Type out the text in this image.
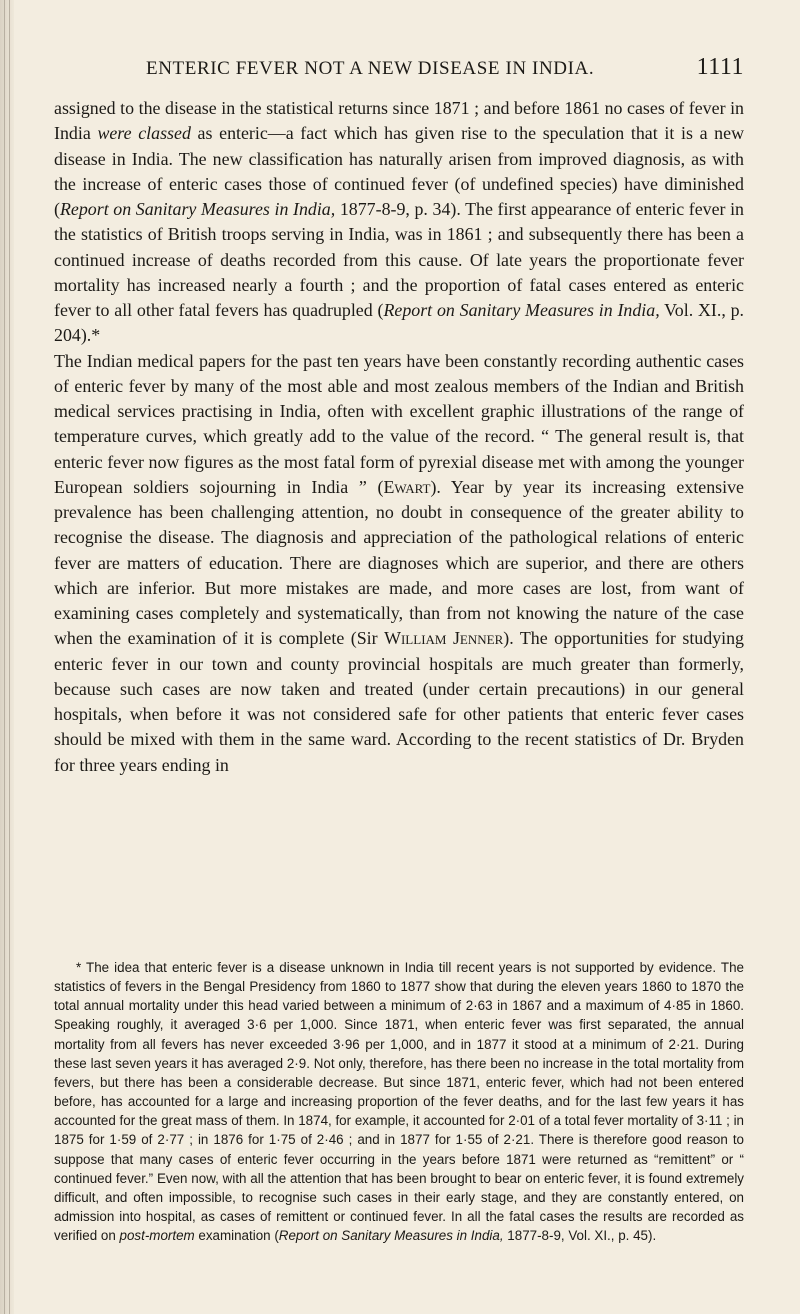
ENTERIC FEVER NOT A NEW DISEASE IN INDIA.	1111

assigned to the disease in the statistical returns since 1871 ; and before 1861 no cases of fever in India were classed as enteric—a fact which has given rise to the speculation that it is a new disease in India. The new classification has naturally arisen from improved diagnosis, as with the increase of enteric cases those of continued fever (of undefined species) have diminished (Report on Sanitary Measures in India, 1877-8-9, p. 34). The first appearance of enteric fever in the statistics of British troops serving in India, was in 1861 ; and subsequently there has been a continued increase of deaths recorded from this cause. Of late years the proportionate fever mortality has increased nearly a fourth ; and the proportion of fatal cases entered as enteric fever to all other fatal fevers has quadrupled (Report on Sanitary Measures in India, Vol. XI., p. 204).*

The Indian medical papers for the past ten years have been constantly recording authentic cases of enteric fever by many of the most able and most zealous members of the Indian and British medical services practising in India, often with excellent graphic illustrations of the range of temperature curves, which greatly add to the value of the record. “ The general result is, that enteric fever now figures as the most fatal form of pyrexial disease met with among the younger European soldiers sojourning in India ” (Ewart). Year by year its increasing extensive prevalence has been challenging attention, no doubt in consequence of the greater ability to recognise the disease. The diagnosis and appreciation of the pathological relations of enteric fever are matters of education. There are diagnoses which are superior, and there are others which are inferior. But more mistakes are made, and more cases are lost, from want of examining cases completely and systematically, than from not knowing the nature of the case when the examination of it is complete (Sir William Jenner). The opportunities for studying enteric fever in our town and county provincial hospitals are much greater than formerly, because such cases are now taken and treated (under certain precautions) in our general hospitals, when before it was not considered safe for other patients that enteric fever cases should be mixed with them in the same ward. According to the recent statistics of Dr. Bryden for three years ending in

* The idea that enteric fever is a disease unknown in India till recent years is not supported by evidence. The statistics of fevers in the Bengal Presidency from 1860 to 1877 show that during the eleven years 1860 to 1870 the total annual mortality under this head varied between a minimum of 2·63 in 1867 and a maximum of 4·85 in 1860. Speaking roughly, it averaged 3·6 per 1,000. Since 1871, when enteric fever was first separated, the annual mortality from all fevers has never exceeded 3·96 per 1,000, and in 1877 it stood at a minimum of 2·21. During these last seven years it has averaged 2·9. Not only, therefore, has there been no increase in the total mortality from fevers, but there has been a considerable decrease. But since 1871, enteric fever, which had not been entered before, has accounted for a large and increasing proportion of the fever deaths, and for the last few years it has accounted for the great mass of them. In 1874, for example, it accounted for 2·01 of a total fever mortality of 3·11 ; in 1875 for 1·59 of 2·77 ; in 1876 for 1·75 of 2·46 ; and in 1877 for 1·55 of 2·21. There is therefore good reason to suppose that many cases of enteric fever occurring in the years before 1871 were returned as “remittent” or “ continued fever.” Even now, with all the attention that has been brought to bear on enteric fever, it is found extremely difficult, and often impossible, to recognise such cases in their early stage, and they are constantly entered, on admission into hospital, as cases of remittent or continued fever. In all the fatal cases the results are recorded as verified on post-mortem examination (Report on Sanitary Measures in India, 1877-8-9, Vol. XI., p. 45).
